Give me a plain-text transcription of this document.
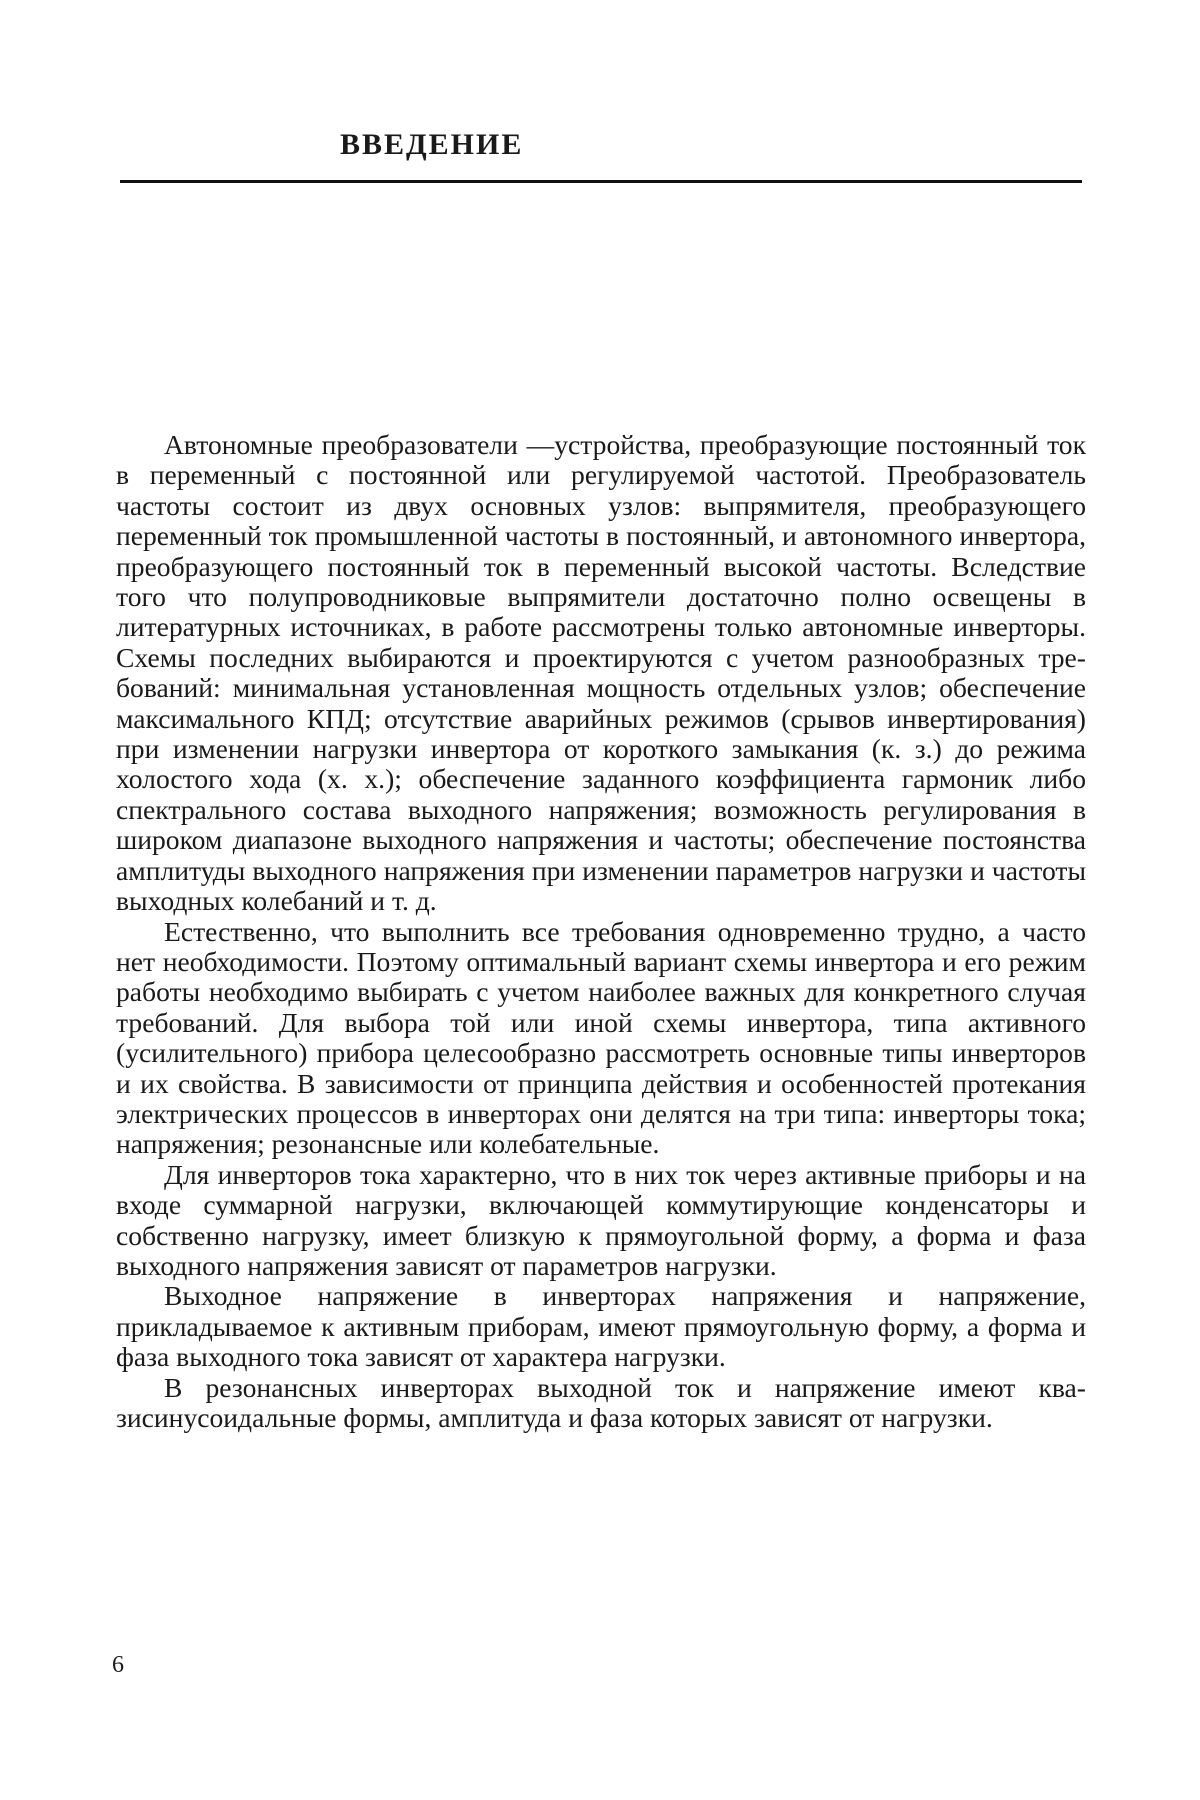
ВВЕДЕНИЕ

Автономные преобразователи —устройства, преобразующие постоянный ток в переменный с постоянной или регулируемой частотой. Преобразователь частоты состоит из двух основных узлов: выпрямителя, преобразующего переменный ток промышленной частоты в постоянный, и автономного инвертора, преобразующего постоянный ток в переменный высокой частоты. Вследствие того что полупроводниковые выпрямители достаточно полно освещены в литературных источниках, в работе рассмотрены только автономные инверторы. Схемы последних выбираются и проектируются с учетом разнообразных требований: минимальная установленная мощность отдельных узлов; обеспечение максимального КПД; отсутствие аварийных режимов (срывов инвертирования) при изменении нагрузки инвертора от короткого замыкания (к. з.) до режима холостого хода (х. х.); обеспечение заданного коэффициента гармоник либо спектрального состава выходного напряжения; возможность регулирования в широком диапазоне выходного напряжения и частоты; обеспечение постоянства амплитуды выходного напряжения при изменении параметров нагрузки и частоты выходных колебаний и т. д.

Естественно, что выполнить все требования одновременно трудно, а часто нет необходимости. Поэтому оптимальный вариант схемы инвертора и его режим работы необходимо выбирать с учетом наиболее важных для конкретного случая требований. Для выбора той или иной схемы инвертора, типа активного (усилительного) прибора целесообразно рассмотреть основные типы инверторов и их свойства. В зависимости от принципа действия и особенностей протекания электрических процессов в инверторах они делятся на три типа: инверторы тока; напряжения; резонансные или колебательные.

Для инверторов тока характерно, что в них ток через активные приборы и на входе суммарной нагрузки, включающей коммутирующие конденсаторы и собственно нагрузку, имеет близкую к прямоугольной форму, а форма и фаза выходного напряжения зависят от параметров нагрузки.

Выходное напряжение в инверторах напряжения и напряжение, прикладываемое к активным приборам, имеют прямоугольную форму, а форма и фаза выходного тока зависят от характера нагрузки.

В резонансных инверторах выходной ток и напряжение имеют квазисинусоидальные формы, амплитуда и фаза которых зависят от нагрузки.

6
